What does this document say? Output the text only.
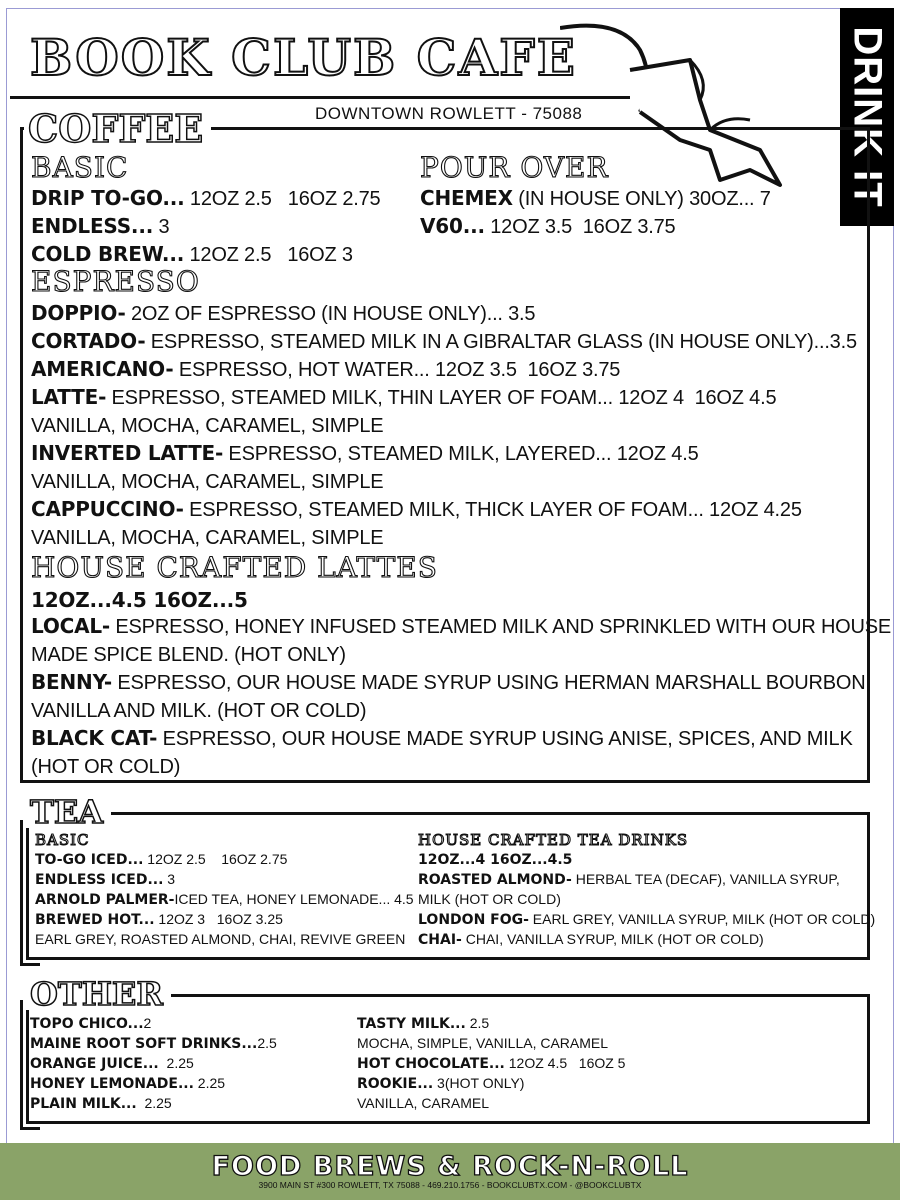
BOOK CLUB CAFE
DOWNTOWN ROWLETT - 75088	DRINK IT
COFFEE
BASIC
DRIP TO-GO... 12OZ 2.5   16OZ 2.75
ENDLESS... 3
COLD BREW... 12OZ 2.5   16OZ 3
POUR OVER
CHEMEX (IN HOUSE ONLY) 30OZ... 7
V60... 12OZ 3.5  16OZ 3.75
ESPRESSO
DOPPIO- 2OZ OF ESPRESSO (IN HOUSE ONLY)... 3.5
CORTADO- ESPRESSO, STEAMED MILK IN A GIBRALTAR GLASS (IN HOUSE ONLY)...3.5
AMERICANO- ESPRESSO, HOT WATER... 12OZ 3.5  16OZ 3.75
LATTE- ESPRESSO, STEAMED MILK, THIN LAYER OF FOAM... 12OZ 4  16OZ 4.5
VANILLA, MOCHA, CARAMEL, SIMPLE
INVERTED LATTE- ESPRESSO, STEAMED MILK, LAYERED... 12OZ 4.5
VANILLA, MOCHA, CARAMEL, SIMPLE
CAPPUCCINO- ESPRESSO, STEAMED MILK, THICK LAYER OF FOAM... 12OZ 4.25
VANILLA, MOCHA, CARAMEL, SIMPLE
HOUSE CRAFTED LATTES
12OZ...4.5 16OZ...5
LOCAL- ESPRESSO, HONEY INFUSED STEAMED MILK AND SPRINKLED WITH OUR HOUSE
MADE SPICE BLEND. (HOT ONLY)
BENNY- ESPRESSO, OUR HOUSE MADE SYRUP USING HERMAN MARSHALL BOURBON,
VANILLA AND MILK. (HOT OR COLD)
BLACK CAT- ESPRESSO, OUR HOUSE MADE SYRUP USING ANISE, SPICES, AND MILK
(HOT OR COLD)
TEA
BASIC
TO-GO ICED... 12OZ 2.5    16OZ 2.75
ENDLESS ICED... 3
ARNOLD PALMER-ICED TEA, HONEY LEMONADE... 4.5
BREWED HOT... 12OZ 3   16OZ 3.25
EARL GREY, ROASTED ALMOND, CHAI, REVIVE GREEN
HOUSE CRAFTED TEA DRINKS
12OZ...4 16OZ...4.5
ROASTED ALMOND- HERBAL TEA (DECAF), VANILLA SYRUP,
MILK (HOT OR COLD)
LONDON FOG- EARL GREY, VANILLA SYRUP, MILK (HOT OR COLD)
CHAI- CHAI, VANILLA SYRUP, MILK (HOT OR COLD)
OTHER
TOPO CHICO...2
MAINE ROOT SOFT DRINKS...2.5
ORANGE JUICE...  2.25
HONEY LEMONADE... 2.25
PLAIN MILK...  2.25
TASTY MILK... 2.5
MOCHA, SIMPLE, VANILLA, CARAMEL
HOT CHOCOLATE... 12OZ 4.5   16OZ 5
ROOKIE... 3(HOT ONLY)
VANILLA, CARAMEL
FOOD BREWS & ROCK-N-ROLL
3900 MAIN ST #300 ROWLETT, TX 75088 - 469.210.1756 - BOOKCLUBTX.COM - @BOOKCLUBTX
